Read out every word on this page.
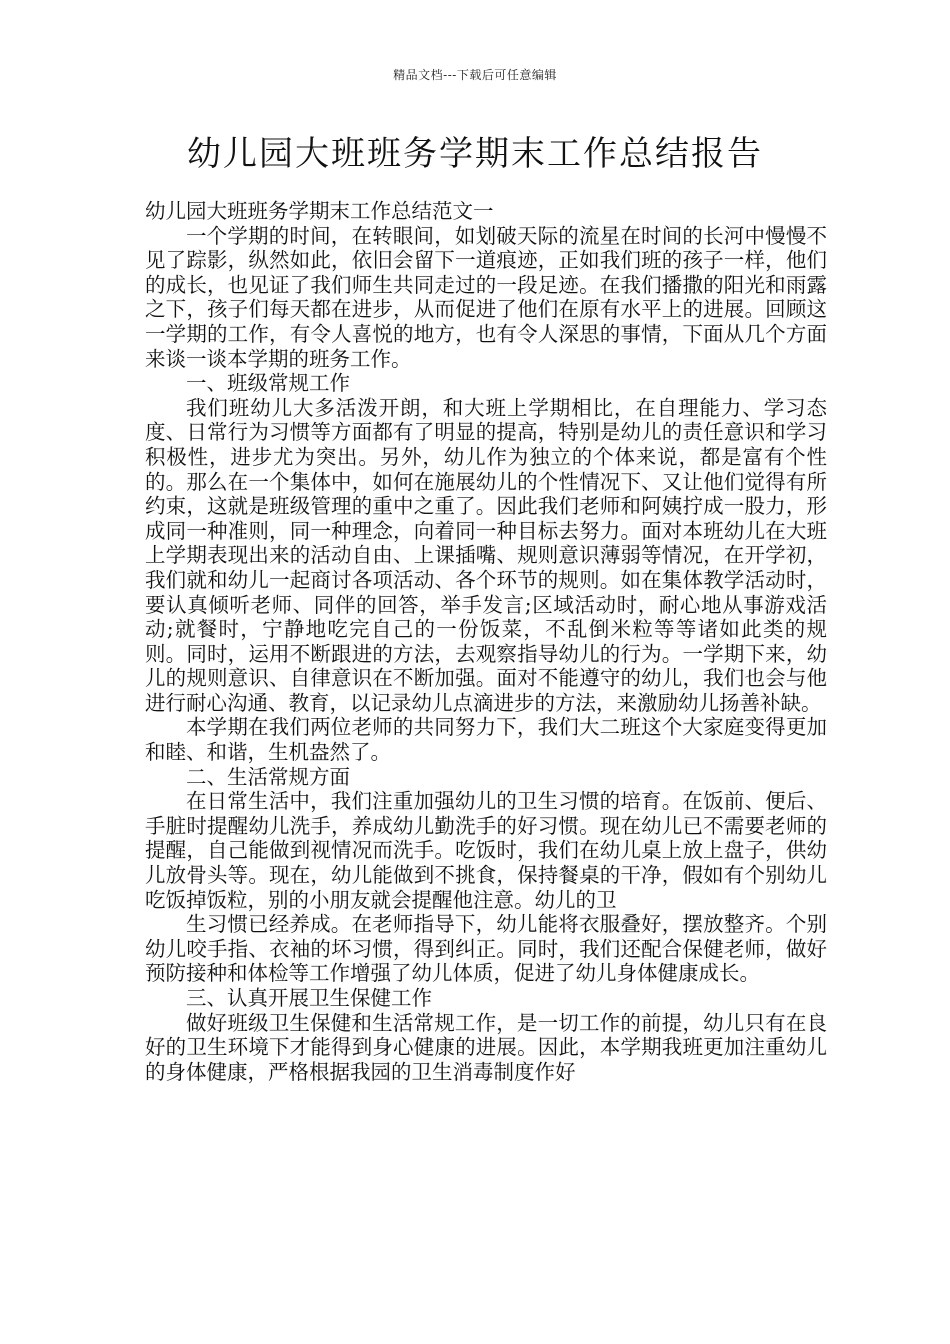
精品文档---下载后可任意编辑
幼儿园大班班务学期末工作总结报告

幼儿园大班班务学期末工作总结范文一

一个学期的时间，在转眼间，如划破天际的流星在时间的长河中慢慢不见了踪影，纵然如此，依旧会留下一道痕迹，正如我们班的孩子一样，他们的成长，也见证了我们师生共同走过的一段足迹。在我们播撒的阳光和雨露之下，孩子们每天都在进步，从而促进了他们在原有水平上的进展。回顾这一学期的工作，有令人喜悦的地方，也有令人深思的事情，下面从几个方面来谈一谈本学期的班务工作。

一、班级常规工作

我们班幼儿大多活泼开朗，和大班上学期相比，在自理能力、学习态度、日常行为习惯等方面都有了明显的提高，特别是幼儿的责任意识和学习积极性，进步尤为突出。另外，幼儿作为独立的个体来说，都是富有个性的。那么在一个集体中，如何在施展幼儿的个性情况下、又让他们觉得有所约束，这就是班级管理的重中之重了。因此我们老师和阿姨拧成一股力，形成同一种准则，同一种理念，向着同一种目标去努力。面对本班幼儿在大班上学期表现出来的活动自由、上课插嘴、规则意识薄弱等情况，在开学初，我们就和幼儿一起商讨各项活动、各个环节的规则。如在集体教学活动时，要认真倾听老师、同伴的回答，举手发言;区域活动时，耐心地从事游戏活动;就餐时，宁静地吃完自己的一份饭菜，不乱倒米粒等等诸如此类的规则。同时，运用不断跟进的方法，去观察指导幼儿的行为。一学期下来，幼儿的规则意识、自律意识在不断加强。面对不能遵守的幼儿，我们也会与他进行耐心沟通、教育，以记录幼儿点滴进步的方法，来激励幼儿扬善补缺。

本学期在我们两位老师的共同努力下，我们大二班这个大家庭变得更加和睦、和谐，生机盎然了。

二、生活常规方面

在日常生活中，我们注重加强幼儿的卫生习惯的培育。在饭前、便后、手脏时提醒幼儿洗手，养成幼儿勤洗手的好习惯。现在幼儿已不需要老师的提醒，自己能做到视情况而洗手。吃饭时，我们在幼儿桌上放上盘子，供幼儿放骨头等。现在，幼儿能做到不挑食，保持餐桌的干净，假如有个别幼儿吃饭掉饭粒，别的小朋友就会提醒他注意。幼儿的卫

生习惯已经养成。在老师指导下，幼儿能将衣服叠好，摆放整齐。个别幼儿咬手指、衣袖的坏习惯，得到纠正。同时，我们还配合保健老师，做好预防接种和体检等工作增强了幼儿体质，促进了幼儿身体健康成长。

三、认真开展卫生保健工作

做好班级卫生保健和生活常规工作，是一切工作的前提，幼儿只有在良好的卫生环境下才能得到身心健康的进展。因此，本学期我班更加注重幼儿的身体健康，严格根据我园的卫生消毒制度作好
